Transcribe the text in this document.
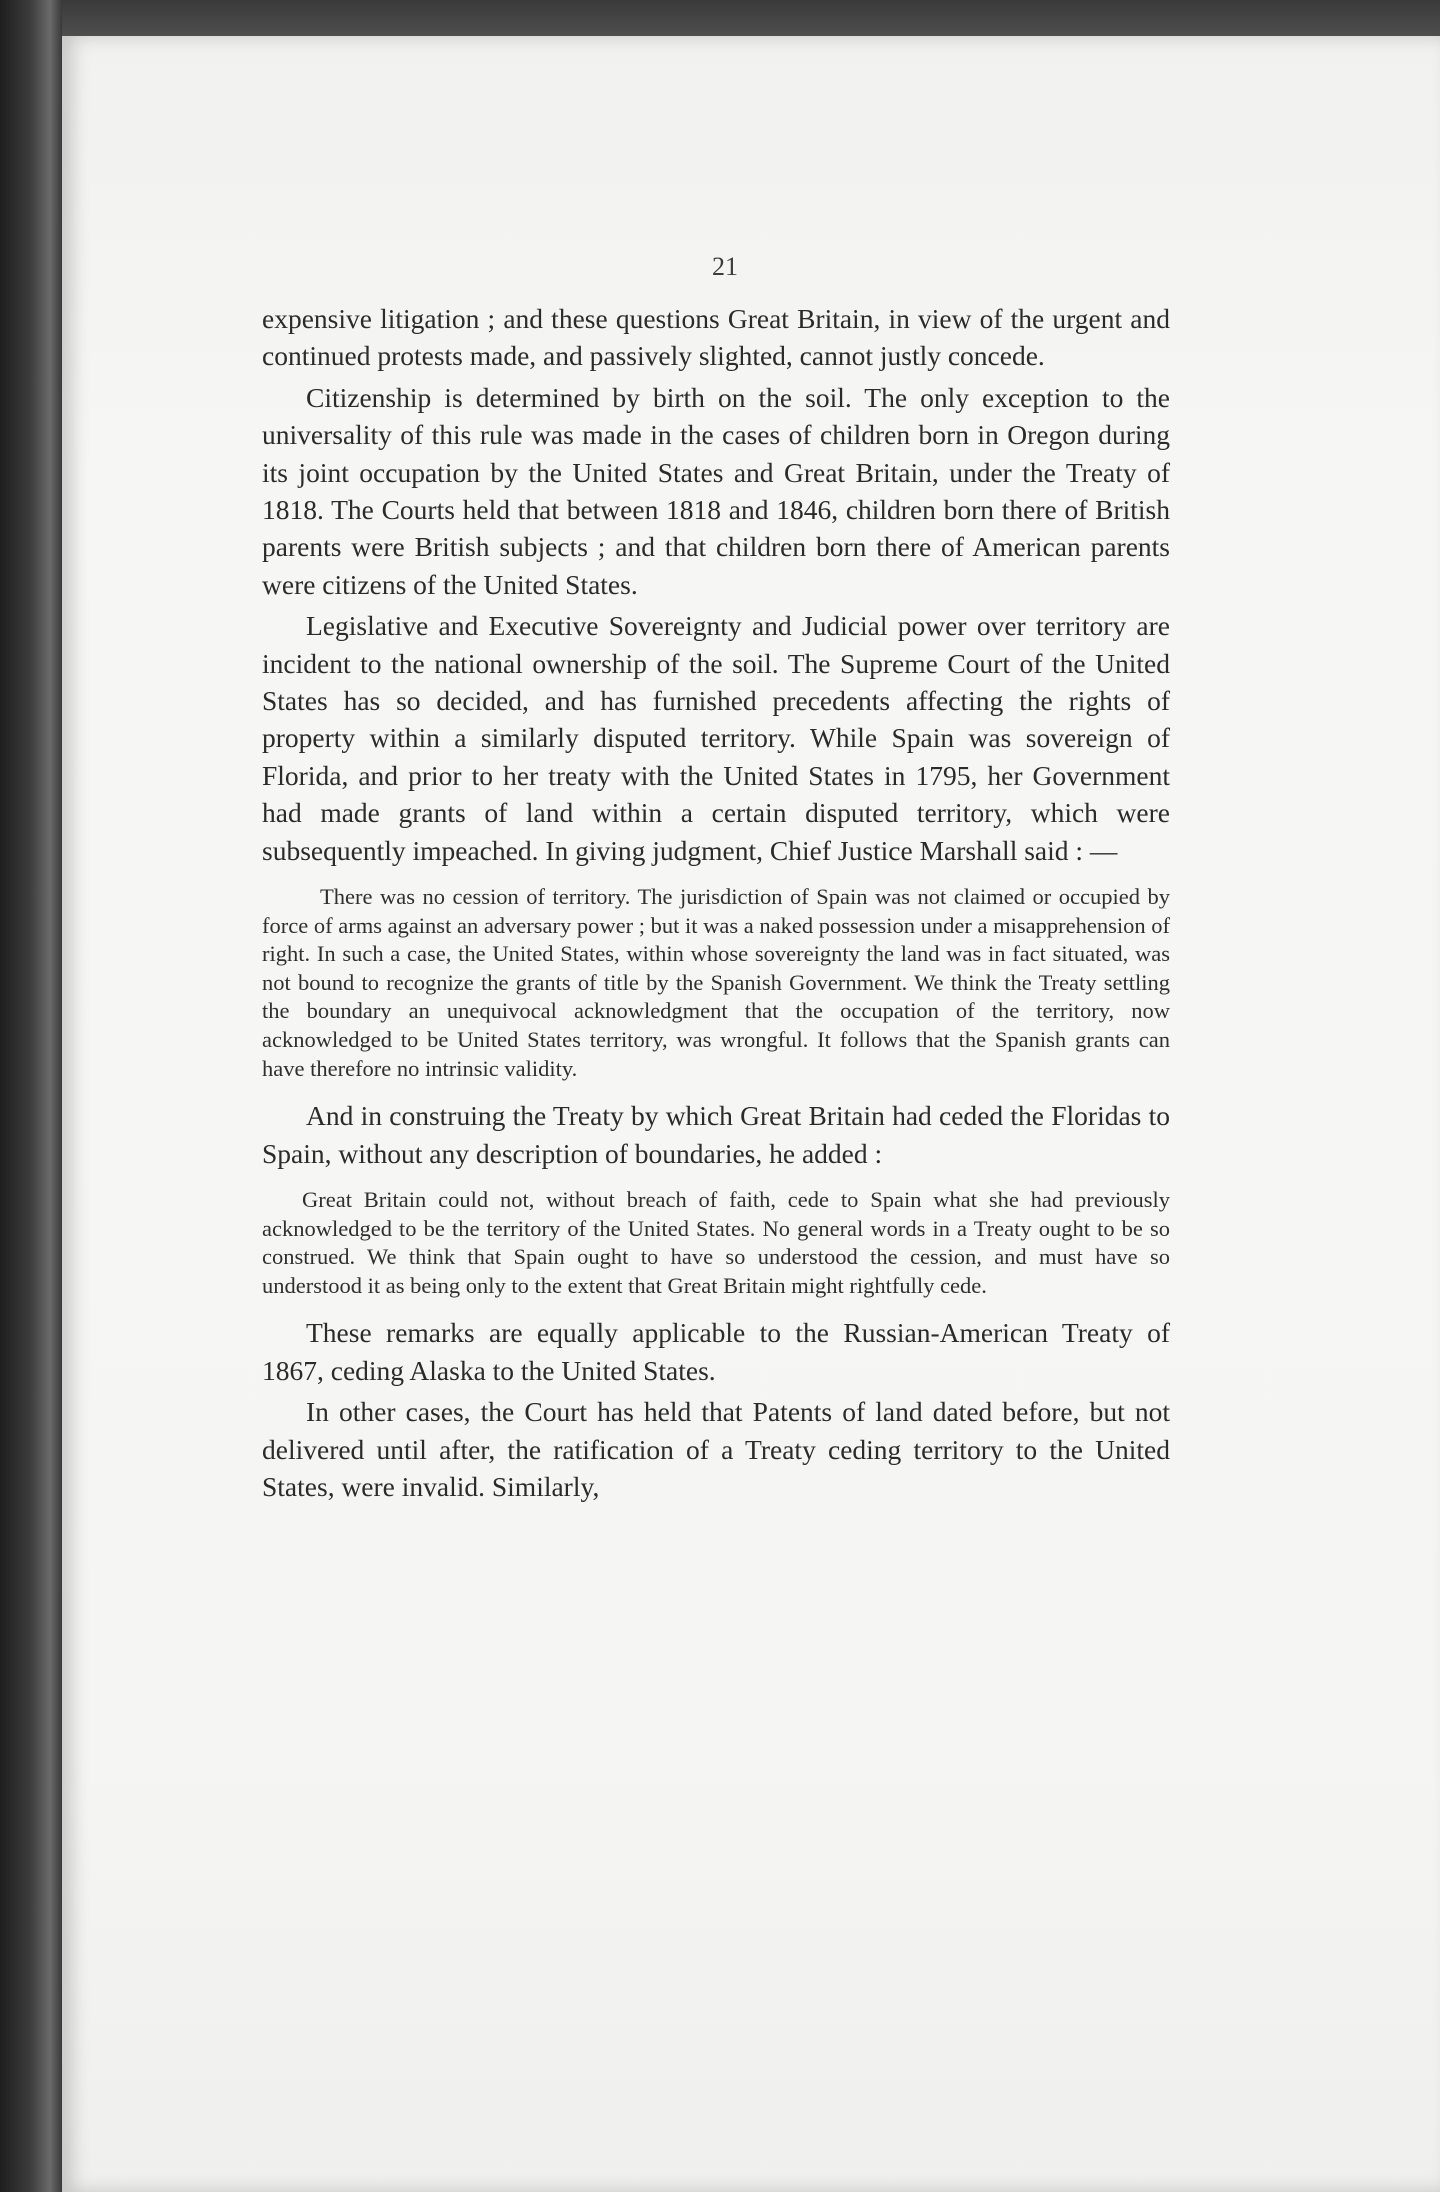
21

expensive litigation ; and these questions Great Britain, in view of the urgent and continued protests made, and passively slighted, cannot justly concede.

Citizenship is determined by birth on the soil. The only exception to the universality of this rule was made in the cases of children born in Oregon during its joint occupation by the United States and Great Britain, under the Treaty of 1818. The Courts held that between 1818 and 1846, children born there of British parents were British subjects ; and that children born there of American parents were citizens of the United States.

Legislative and Executive Sovereignty and Judicial power over territory are incident to the national ownership of the soil. The Supreme Court of the United States has so decided, and has furnished precedents affecting the rights of property within a similarly disputed territory. While Spain was sovereign of Florida, and prior to her treaty with the United States in 1795, her Government had made grants of land within a certain disputed territory, which were subsequently impeached. In giving judgment, Chief Justice Marshall said : —

There was no cession of territory. The jurisdiction of Spain was not claimed or occupied by force of arms against an adversary power ; but it was a naked possession under a misapprehension of right. In such a case, the United States, within whose sovereignty the land was in fact situated, was not bound to recognize the grants of title by the Spanish Government. We think the Treaty settling the boundary an unequivocal acknowledgment that the occupation of the territory, now acknowledged to be United States territory, was wrongful. It follows that the Spanish grants can have therefore no intrinsic validity.

And in construing the Treaty by which Great Britain had ceded the Floridas to Spain, without any description of boundaries, he added :

Great Britain could not, without breach of faith, cede to Spain what she had previously acknowledged to be the territory of the United States. No general words in a Treaty ought to be so construed. We think that Spain ought to have so understood the cession, and must have so understood it as being only to the extent that Great Britain might rightfully cede.

These remarks are equally applicable to the Russian-American Treaty of 1867, ceding Alaska to the United States.

In other cases, the Court has held that Patents of land dated before, but not delivered until after, the ratification of a Treaty ceding territory to the United States, were invalid. Similarly,
